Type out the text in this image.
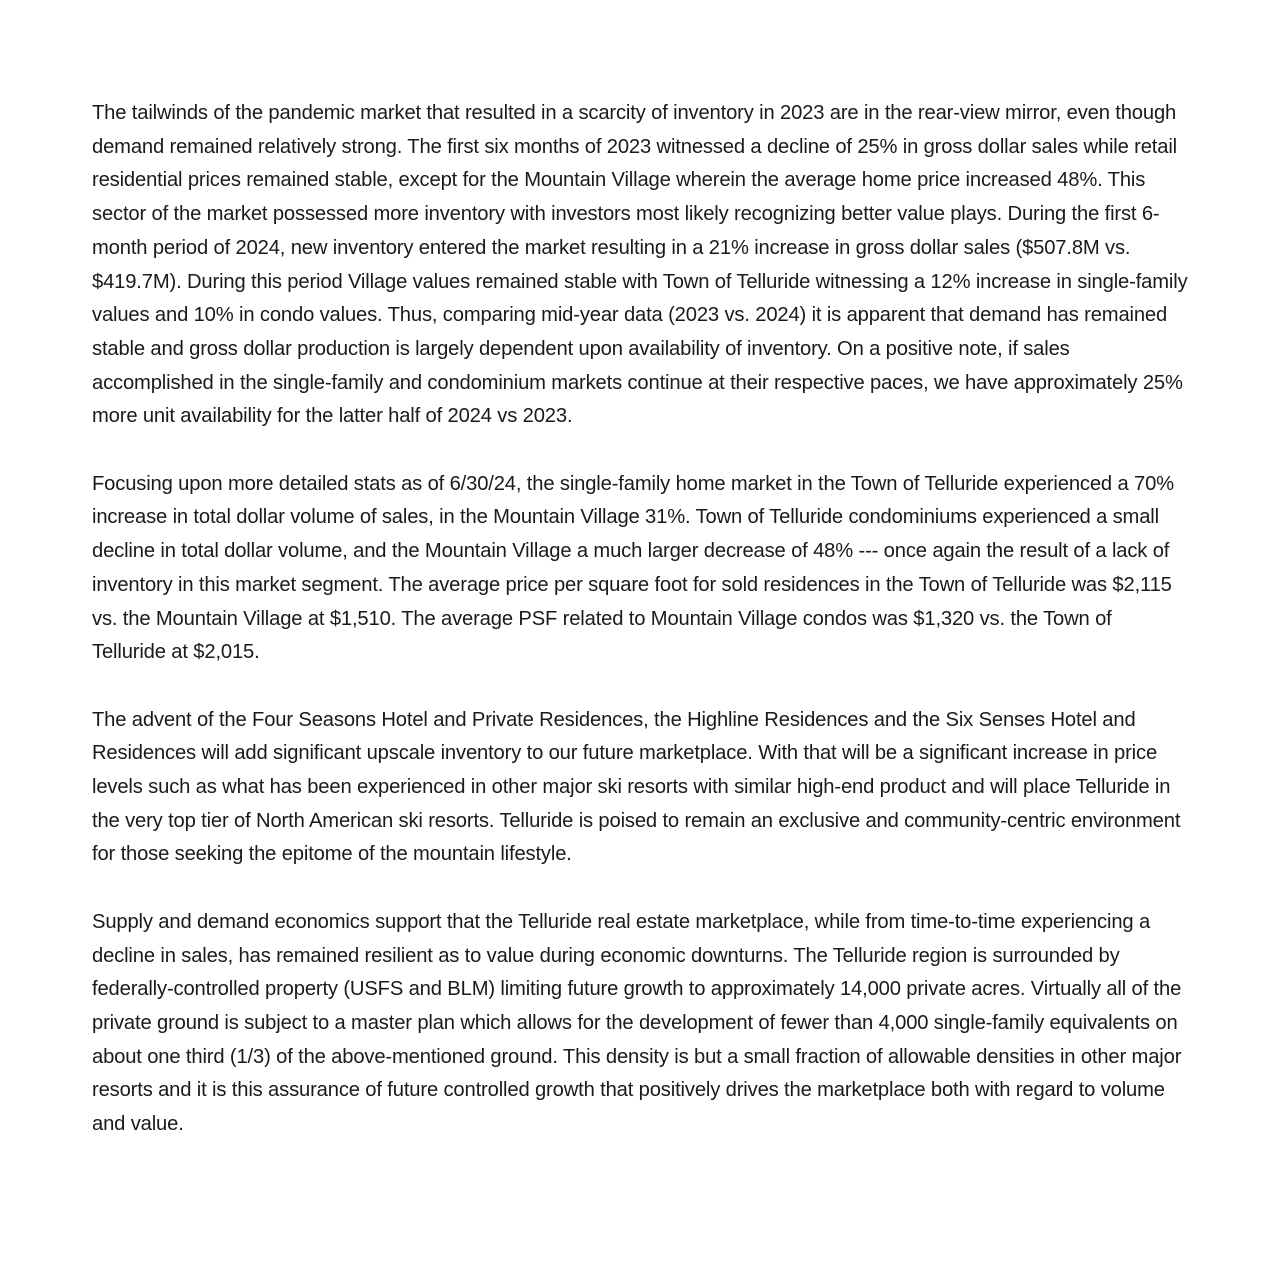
The tailwinds of the pandemic market that resulted in a scarcity of inventory in 2023 are in the rear-view mirror, even though demand remained relatively strong. The first six months of 2023 witnessed a decline of 25% in gross dollar sales while retail residential prices remained stable, except for the Mountain Village wherein the average home price increased 48%. This sector of the market possessed more inventory with investors most likely recognizing better value plays. During the first 6-month period of 2024, new inventory entered the market resulting in a 21% increase in gross dollar sales ($507.8M vs. $419.7M). During this period Village values remained stable with Town of Telluride witnessing a 12% increase in single-family values and 10% in condo values. Thus, comparing mid-year data (2023 vs. 2024) it is apparent that demand has remained stable and gross dollar production is largely dependent upon availability of inventory. On a positive note, if sales accomplished in the single-family and condominium markets continue at their respective paces, we have approximately 25% more unit availability for the latter half of 2024 vs 2023.

Focusing upon more detailed stats as of 6/30/24, the single-family home market in the Town of Telluride experienced a 70% increase in total dollar volume of sales, in the Mountain Village 31%. Town of Telluride condominiums experienced a small decline in total dollar volume, and the Mountain Village a much larger decrease of 48% --- once again the result of a lack of inventory in this market segment. The average price per square foot for sold residences in the Town of Telluride was $2,115 vs. the Mountain Village at $1,510. The average PSF related to Mountain Village condos was $1,320 vs. the Town of Telluride at $2,015.

The advent of the Four Seasons Hotel and Private Residences, the Highline Residences and the Six Senses Hotel and Residences will add significant upscale inventory to our future marketplace. With that will be a significant increase in price levels such as what has been experienced in other major ski resorts with similar high-end product and will place Telluride in the very top tier of North American ski resorts. Telluride is poised to remain an exclusive and community-centric environment for those seeking the epitome of the mountain lifestyle.

Supply and demand economics support that the Telluride real estate marketplace, while from time-to-time experiencing a decline in sales, has remained resilient as to value during economic downturns. The Telluride region is surrounded by federally-controlled property (USFS and BLM) limiting future growth to approximately 14,000 private acres. Virtually all of the private ground is subject to a master plan which allows for the development of fewer than 4,000 single-family equivalents on about one third (1/3) of the above-mentioned ground. This density is but a small fraction of allowable densities in other major resorts and it is this assurance of future controlled growth that positively drives the marketplace both with regard to volume and value.
